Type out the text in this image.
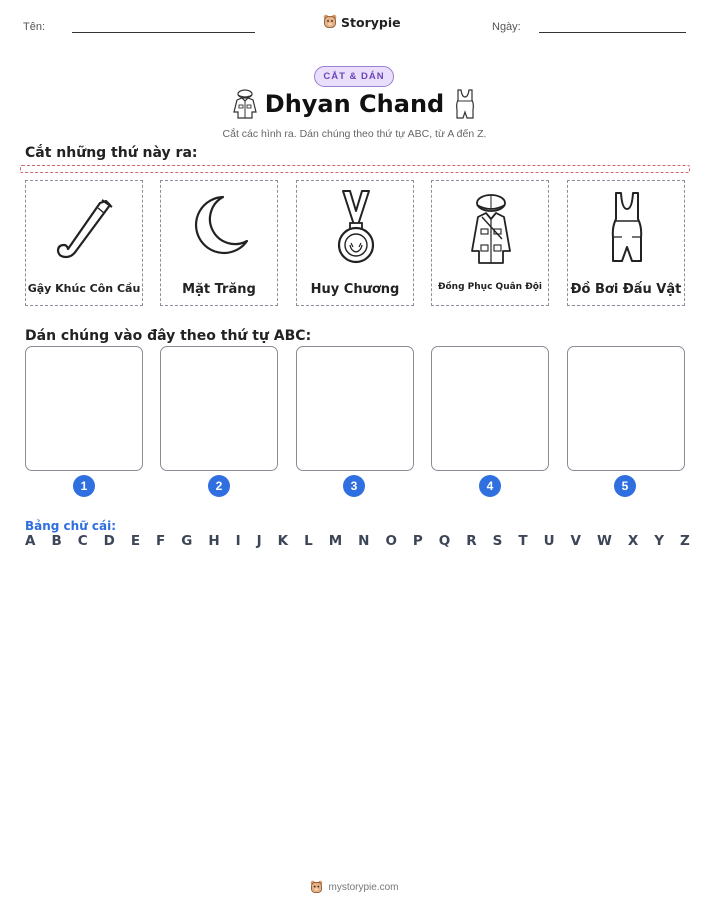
Tên:	Storypie	Ngày:
CẮT & DÁN
Dhyan Chand
Cắt các hình ra. Dán chúng theo thứ tự ABC, từ A đến Z.
Cắt những thứ này ra:
Gậy Khúc Côn Cầu	Mặt Trăng	Huy Chương	Đồng Phục Quân Đội	Đồ Bơi Đấu Vật
Dán chúng vào đây theo thứ tự ABC:
1	2	3	4	5
Bảng chữ cái:
A B C D E F G H I J K L M N O P Q R S T U V W X Y Z
mystorypie.com
